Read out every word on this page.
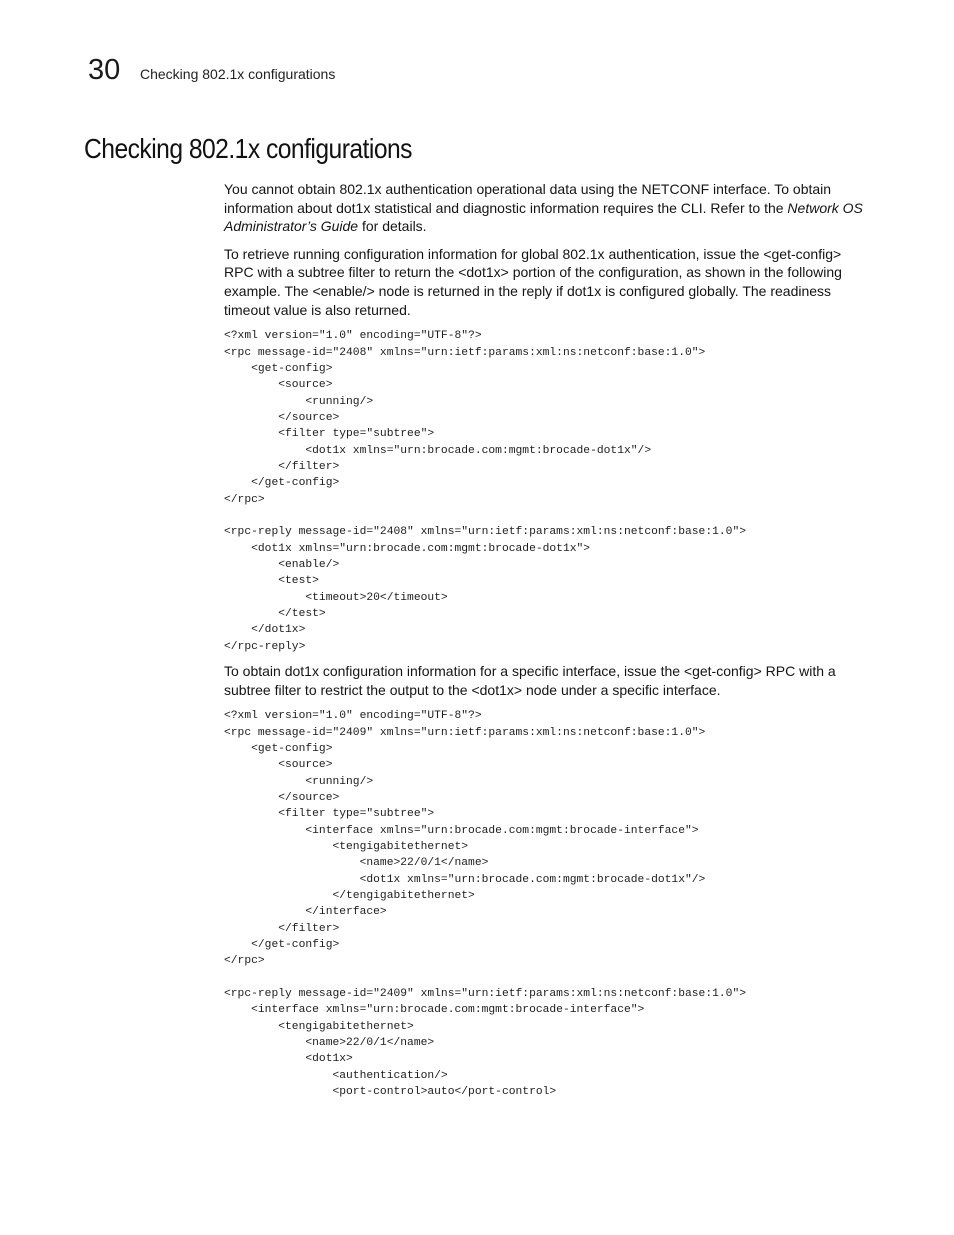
30 Checking 802.1x configurations
Checking 802.1x configurations

You cannot obtain 802.1x authentication operational data using the NETCONF interface. To obtain information about dot1x statistical and diagnostic information requires the CLI. Refer to the Network OS Administrator’s Guide for details.

To retrieve running configuration information for global 802.1x authentication, issue the <get-config> RPC with a subtree filter to return the <dot1x> portion of the configuration, as shown in the following example. The <enable/> node is returned in the reply if dot1x is configured globally. The readiness timeout value is also returned.

<?xml version="1.0" encoding="UTF-8"?>
<rpc message-id="2408" xmlns="urn:ietf:params:xml:ns:netconf:base:1.0">
<get-config>
<source>
<running/>
</source>
<filter type="subtree">
<dot1x xmlns="urn:brocade.com:mgmt:brocade-dot1x"/>
</filter>
</get-config>
</rpc>
<rpc-reply message-id="2408" xmlns="urn:ietf:params:xml:ns:netconf:base:1.0">
<dot1x xmlns="urn:brocade.com:mgmt:brocade-dot1x">
<enable/>
<test>
<timeout>20</timeout>
</test>
</dot1x>
</rpc-reply>

To obtain dot1x configuration information for a specific interface, issue the <get-config> RPC with a subtree filter to restrict the output to the <dot1x> node under a specific interface.

<?xml version="1.0" encoding="UTF-8"?>
<rpc message-id="2409" xmlns="urn:ietf:params:xml:ns:netconf:base:1.0">
<get-config>
<source>
<running/>
</source>
<filter type="subtree">
<interface xmlns="urn:brocade.com:mgmt:brocade-interface">
<tengigabitethernet>
<name>22/0/1</name>
<dot1x xmlns="urn:brocade.com:mgmt:brocade-dot1x"/>
</tengigabitethernet>
</interface>
</filter>
</get-config>
</rpc>
<rpc-reply message-id="2409" xmlns="urn:ietf:params:xml:ns:netconf:base:1.0">
<interface xmlns="urn:brocade.com:mgmt:brocade-interface">
<tengigabitethernet>
<name>22/0/1</name>
<dot1x>
<authentication/>
<port-control>auto</port-control>
